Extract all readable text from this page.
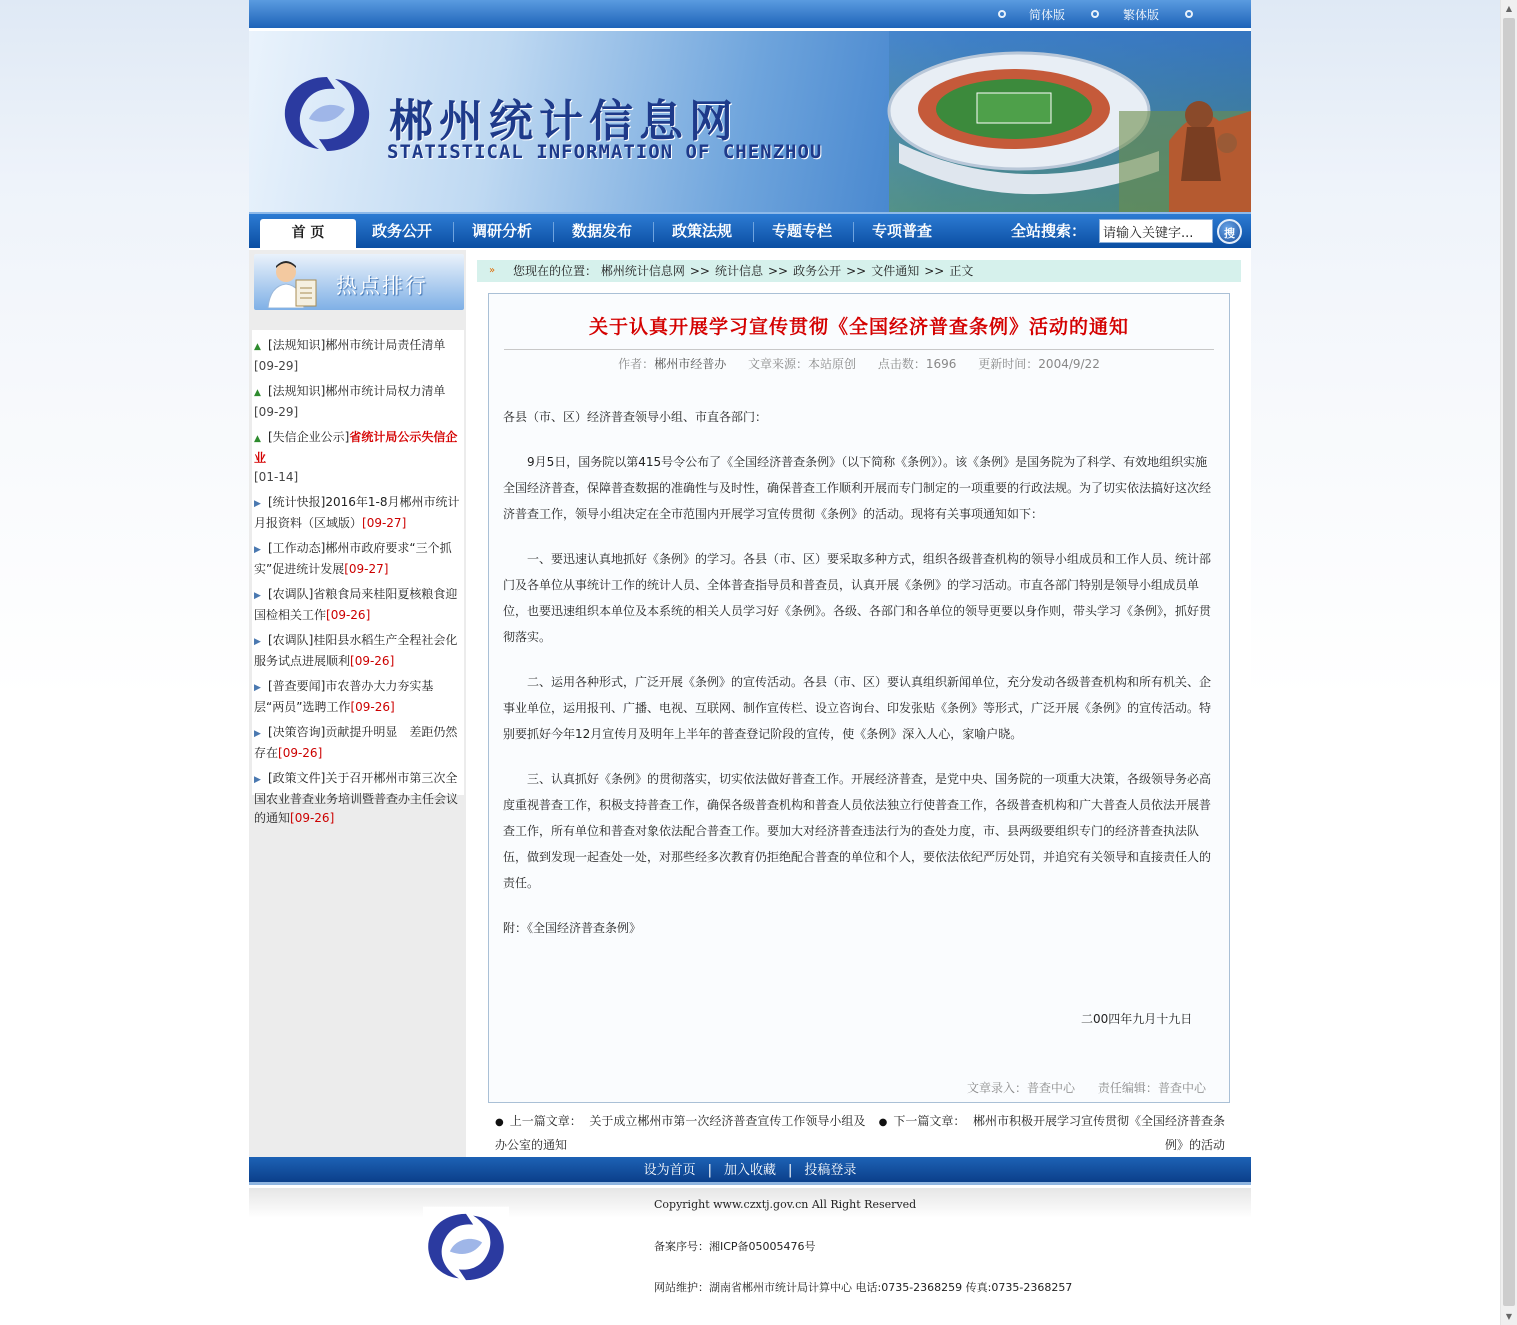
▲
▼
简体版	繁体版
郴州统计信息网
STATISTICAL INFORMATION OF CHENZHOU
首 页	政务公开	调研分析	数据发布	政策法规	专题专栏	专项普查	全站搜索：
请输入关键字...	搜
热点排行
▲ [法规知识]郴州市统计局责任清单
[09-29]
▲ [法规知识]郴州市统计局权力清单
[09-29]
▲ [失信企业公示]省统计局公示失信企业
[01-14]
▶ [统计快报]2016年1-8月郴州市统计月报资料（区域版）[09-27]
▶ [工作动态]郴州市政府要求“三个抓实”促进统计发展[09-27]
▶ [农调队]省粮食局来桂阳夏核粮食迎国检相关工作[09-26]
▶ [农调队]桂阳县水稻生产全程社会化服务试点进展顺利[09-26]
▶ [普查要闻]市农普办大力夯实基层“两员”选聘工作[09-26]
▶ [决策咨询]贡献提升明显　差距仍然存在[09-26]
▶ [政策文件]关于召开郴州市第三次全国农业普查业务培训暨普查办主任会议的通知[09-26]
» 您现在的位置： 郴州统计信息网 >> 统计信息 >> 政务公开 >> 文件通知 >> 正文
关于认真开展学习宣传贯彻《全国经济普查条例》活动的通知
作者：郴州市经普办 文章来源：本站原创 点击数：1696 更新时间：2004/9/22

各县（市、区）经济普查领导小组、市直各部门：

9月5日，国务院以第415号令公布了《全国经济普查条例》（以下简称《条例》）。该《条例》是国务院为了科学、有效地组织实施全国经济普查，保障普查数据的准确性与及时性，确保普查工作顺利开展而专门制定的一项重要的行政法规。为了切实依法搞好这次经济普查工作，领导小组决定在全市范围内开展学习宣传贯彻《条例》的活动。现将有关事项通知如下：

一、要迅速认真地抓好《条例》的学习。各县（市、区）要采取多种方式，组织各级普查机构的领导小组成员和工作人员、统计部门及各单位从事统计工作的统计人员、全体普查指导员和普查员，认真开展《条例》的学习活动。市直各部门特别是领导小组成员单位，也要迅速组织本单位及本系统的相关人员学习好《条例》。各级、各部门和各单位的领导更要以身作则，带头学习《条例》，抓好贯彻落实。

二、运用各种形式，广泛开展《条例》的宣传活动。各县（市、区）要认真组织新闻单位，充分发动各级普查机构和所有机关、企事业单位，运用报刊、广播、电视、互联网、制作宣传栏、设立咨询台、印发张贴《条例》等形式，广泛开展《条例》的宣传活动。特别要抓好今年12月宣传月及明年上半年的普查登记阶段的宣传，使《条例》深入人心，家喻户晓。

三、认真抓好《条例》的贯彻落实，切实依法做好普查工作。开展经济普查，是党中央、国务院的一项重大决策，各级领导务必高度重视普查工作，积极支持普查工作，确保各级普查机构和普查人员依法独立行使普查工作，各级普查机构和广大普查人员依法开展普查工作，所有单位和普查对象依法配合普查工作。要加大对经济普查违法行为的查处力度，市、县两级要组织专门的经济普查执法队伍，做到发现一起查处一处，对那些经多次教育仍拒绝配合普查的单位和个人，要依法依纪严厉处罚，并追究有关领导和直接责任人的责任。

附：《全国经济普查条例》

二00四年九月十九日
文章录入：普查中心 责任编辑：普查中心
● 上一篇文章： 关于成立郴州市第一次经济普查宣传工作领导小组及办公室的通知
● 下一篇文章： 郴州市积极开展学习宣传贯彻《全国经济普查条例》的活动
设为首页 | 加入收藏 | 投稿登录
Copyright www.czxtj.gov.cn All Right Reserved
备案序号：湘ICP备05005476号
网站维护：湖南省郴州市统计局计算中心 电话:0735-2368259 传真:0735-2368257
